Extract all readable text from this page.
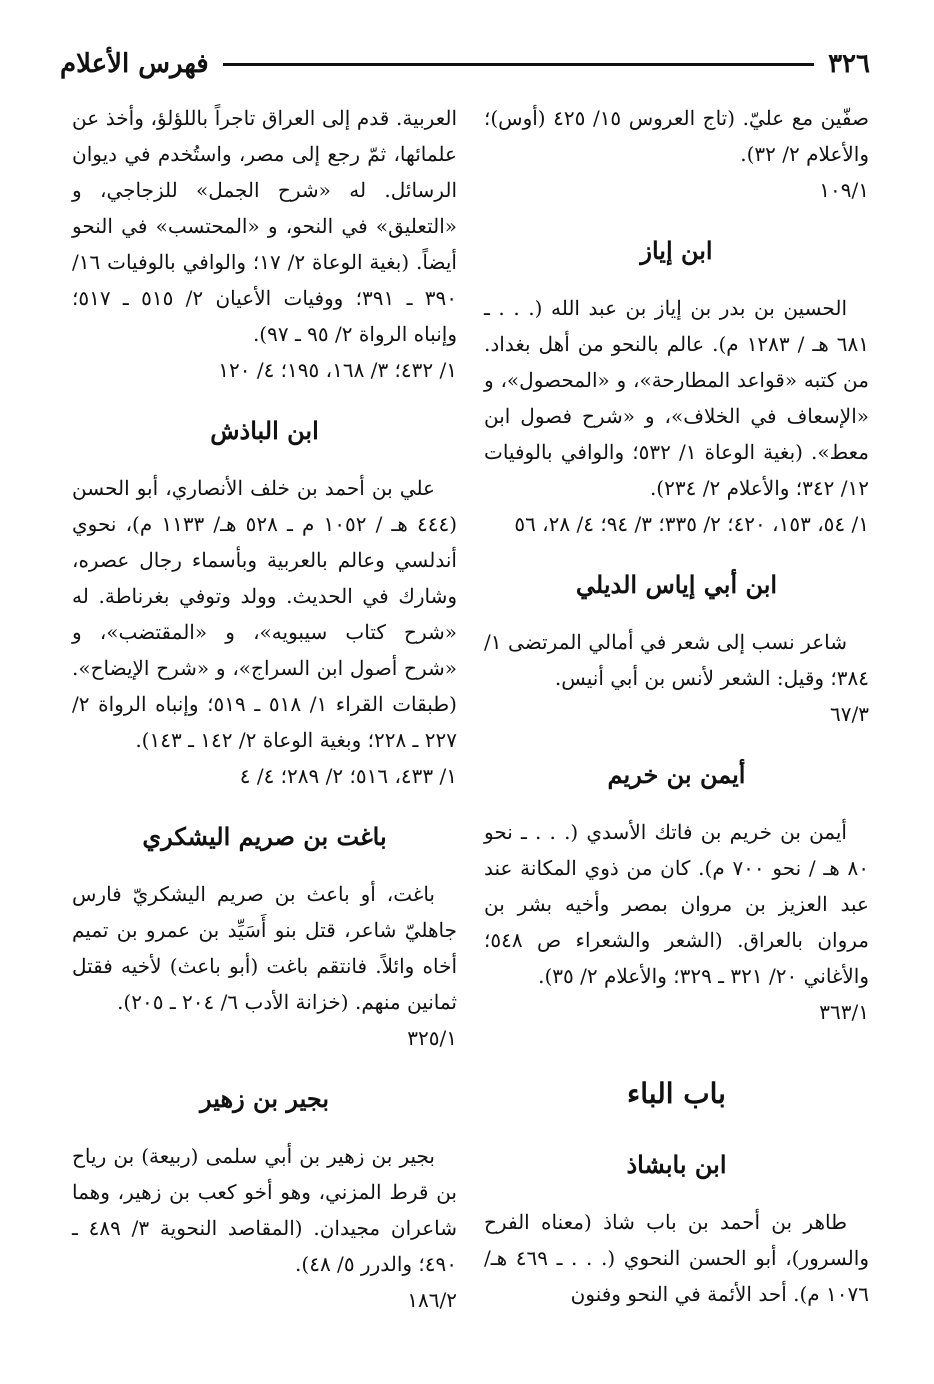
٣٢٦
فهرس الأعلام

صفّين مع عليّ. (تاج العروس ١٥/ ٤٢٥ (أوس)؛ والأعلام ٢/ ٣٢).

١٠٩/١

ابن إياز

الحسين بن بدر بن إياز بن عبد الله (. . . ـ ٦٨١ هـ / ١٢٨٣ م). عالم بالنحو من أهل بغداد. من كتبه «قواعد المطارحة»، و «المحصول»، و «الإسعاف في الخلاف»، و «شرح فصول ابن معط». (بغية الوعاة ١/ ٥٣٢؛ والوافي بالوفيات ١٢/ ٣٤٢؛ والأعلام ٢/ ٢٣٤).

١/ ٥٤، ١٥٣، ٤٢٠؛ ٢/ ٣٣٥؛ ٣/ ٩٤؛ ٤/ ٢٨، ٥٦

ابن أبي إياس الديلي

شاعر نسب إلى شعر في أمالي المرتضى ١/ ٣٨٤؛ وقيل: الشعر لأنس بن أبي أنيس.

٦٧/٣

أيمن بن خريم

أيمن بن خريم بن فاتك الأسدي (. . . ـ نحو ٨٠ هـ / نحو ٧٠٠ م). كان من ذوي المكانة عند عبد العزيز بن مروان بمصر وأخيه بشر بن مروان بالعراق. (الشعر والشعراء ص ٥٤٨؛ والأغاني ٢٠/ ٣٢١ ـ ٣٢٩؛ والأعلام ٢/ ٣٥).

٣٦٣/١

باب الباء
ابن بابشاذ

طاهر بن أحمد بن باب شاذ (معناه الفرح والسرور)، أبو الحسن النحوي (. . . ـ ٤٦٩ هـ/ ١٠٧٦ م). أحد الأئمة في النحو وفنون

العربية. قدم إلى العراق تاجراً باللؤلؤ، وأخذ عن علمائها، ثمّ رجع إلى مصر، واستُخدم في ديوان الرسائل. له «شرح الجمل» للزجاجي، و «التعليق» في النحو، و «المحتسب» في النحو أيضاً. (بغية الوعاة ٢/ ١٧؛ والوافي بالوفيات ١٦/ ٣٩٠ ـ ٣٩١؛ ووفيات الأعيان ٢/ ٥١٥ ـ ٥١٧؛ وإنباه الرواة ٢/ ٩٥ ـ ٩٧).

١/ ٤٣٢؛ ٣/ ١٦٨، ١٩٥؛ ٤/ ١٢٠

ابن الباذش

علي بن أحمد بن خلف الأنصاري، أبو الحسن (٤٤٤ هـ / ١٠٥٢ م ـ ٥٢٨ هـ/ ١١٣٣ م)، نحوي أندلسي وعالم بالعربية وبأسماء رجال عصره، وشارك في الحديث. وولد وتوفي بغرناطة. له «شرح كتاب سيبويه»، و «المقتضب»، و «شرح أصول ابن السراج»، و «شرح الإيضاح». (طبقات القراء ١/ ٥١٨ ـ ٥١٩؛ وإنباه الرواة ٢/ ٢٢٧ ـ ٢٢٨؛ وبغية الوعاة ٢/ ١٤٢ ـ ١٤٣).

١/ ٤٣٣، ٥١٦؛ ٢/ ٢٨٩؛ ٤/ ٤

باغت بن صريم اليشكري

باغت، أو باعث بن صريم اليشكريّ فارس جاهليّ شاعر، قتل بنو أَسَيِّد بن عمرو بن تميم أخاه وائلاً. فانتقم باغت (أبو باعث) لأخيه فقتل ثمانين منهم. (خزانة الأدب ٦/ ٢٠٤ ـ ٢٠٥).

٣٢٥/١

بجير بن زهير

بجير بن زهير بن أبي سلمى (ربيعة) بن رياح بن قرط المزني، وهو أخو كعب بن زهير، وهما شاعران مجيدان. (المقاصد النحوية ٣/ ٤٨٩ ـ ٤٩٠؛ والدرر ٥/ ٤٨).

١٨٦/٢
